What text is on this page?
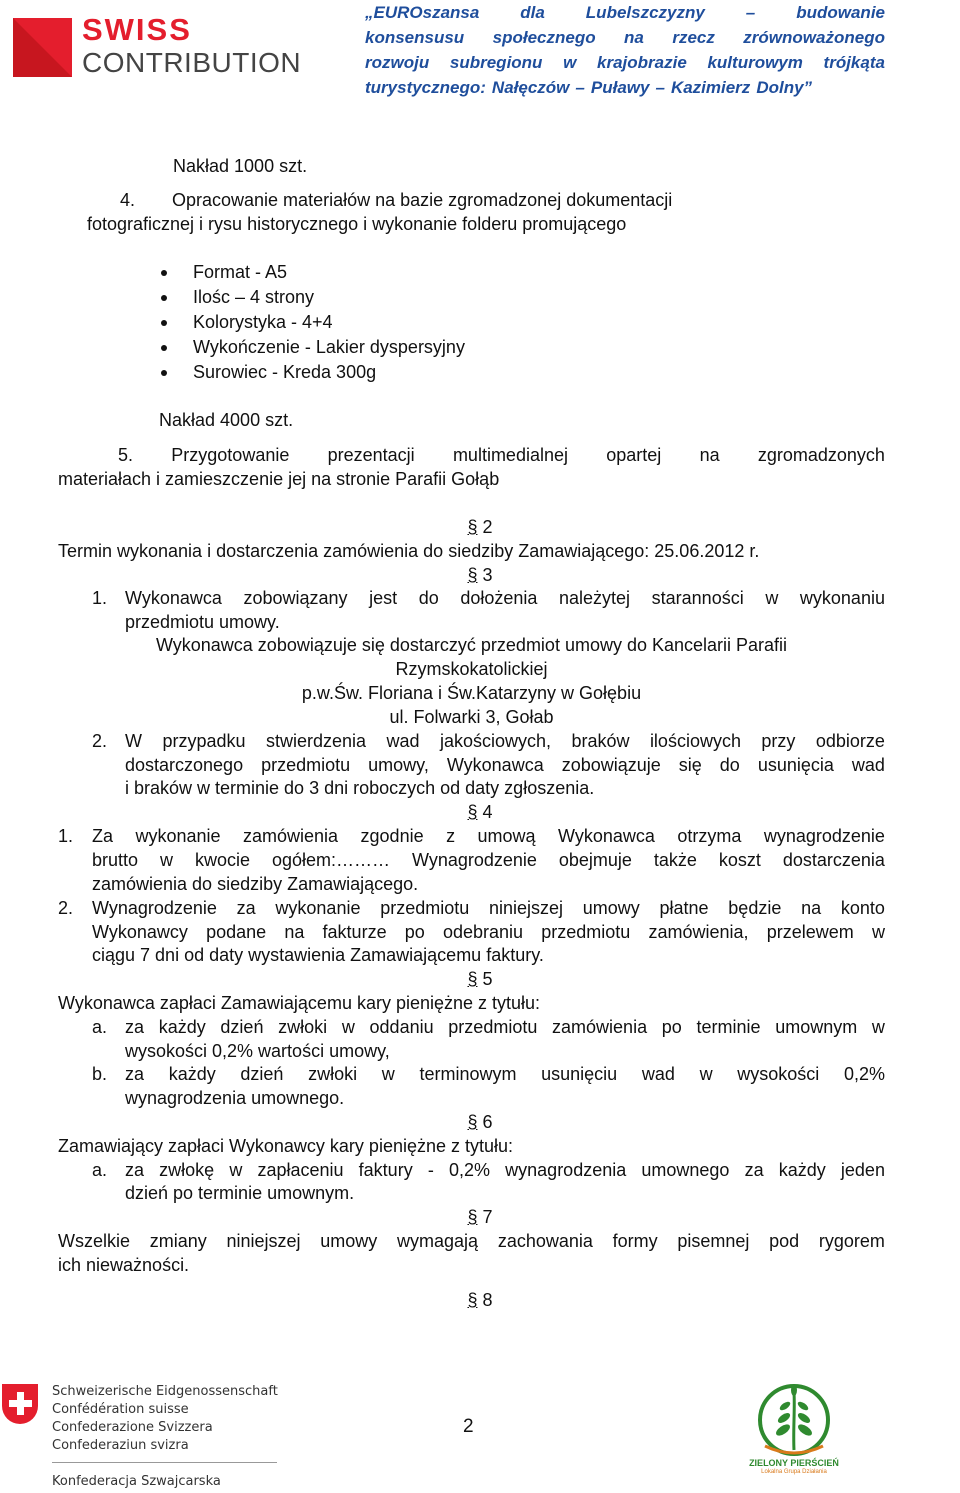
SWISS
CONTRIBUTION
„EUROszansa dla Lubelszczyzny – budowanie
konsensusu społecznego na rzecz zrównoważonego
rozwoju subregionu w krajobrazie kulturowym trójkąta
turystycznego: Nałęczów – Puławy – Kazimierz Dolny”
Nakład 1000 szt.
4. Opracowanie materiałów na bazie zgromadzonej dokumentacji
fotograficznej i rysu historycznego i wykonanie folderu promującego
Format - A5
Ilośc – 4 strony
Kolorystyka - 4+4
Wykończenie - Lakier dyspersyjny
Surowiec - Kreda 300g
Nakład 4000 szt.
5. Przygotowanie prezentacji multimedialnej opartej na zgromadzonych
materiałach i zamieszczenie jej na stronie Parafii Gołąb
§ 2
Termin wykonania i dostarczenia zamówienia do siedziby Zamawiającego: 25.06.2012 r.
§ 3
1. Wykonawca zobowiązany jest do dołożenia należytej staranności w wykonaniu
przedmiotu umowy.
Wykonawca zobowiązuje się dostarczyć przedmiot umowy do Kancelarii Parafii
Rzymskokatolickiej
p.w.Św. Floriana i Św.Katarzyny w Gołębiu
ul. Folwarki 3, Gołab
2. W przypadku stwierdzenia wad jakościowych, braków ilościowych przy odbiorze
dostarczonego przedmiotu umowy, Wykonawca zobowiązuje się do usunięcia wad
i braków w terminie do 3 dni roboczych od daty zgłoszenia.
§ 4
1. Za wykonanie zamówienia zgodnie z umową Wykonawca otrzyma wynagrodzenie
brutto w kwocie ogółem:……… Wynagrodzenie obejmuje także koszt dostarczenia
zamówienia do siedziby Zamawiającego.
2. Wynagrodzenie za wykonanie przedmiotu niniejszej umowy płatne będzie na konto
Wykonawcy podane na fakturze po odebraniu przedmiotu zamówienia, przelewem w
ciągu 7 dni od daty wystawienia Zamawiającemu faktury.
§ 5
Wykonawca zapłaci Zamawiającemu kary pieniężne z tytułu:
a. za każdy dzień zwłoki w oddaniu przedmiotu zamówienia po terminie umownym w
wysokości 0,2% wartości umowy,
b. za każdy dzień zwłoki w terminowym usunięciu wad w wysokości 0,2%
wynagrodzenia umownego.
§ 6
Zamawiający zapłaci Wykonawcy kary pieniężne z tytułu:
a. za zwłokę w zapłaceniu faktury - 0,2% wynagrodzenia umownego za każdy jeden
dzień po terminie umownym.
§ 7
Wszelkie zmiany niniejszej umowy wymagają zachowania formy pisemnej pod rygorem
ich nieważności.
§ 8
Schweizerische Eidgenossenschaft
Confédération suisse
Confederazione Svizzera
Confederaziun svizra
Konfederacja Szwajcarska
2
ZIELONY PIERŚCIEŃ
Lokalna Grupa Działania
